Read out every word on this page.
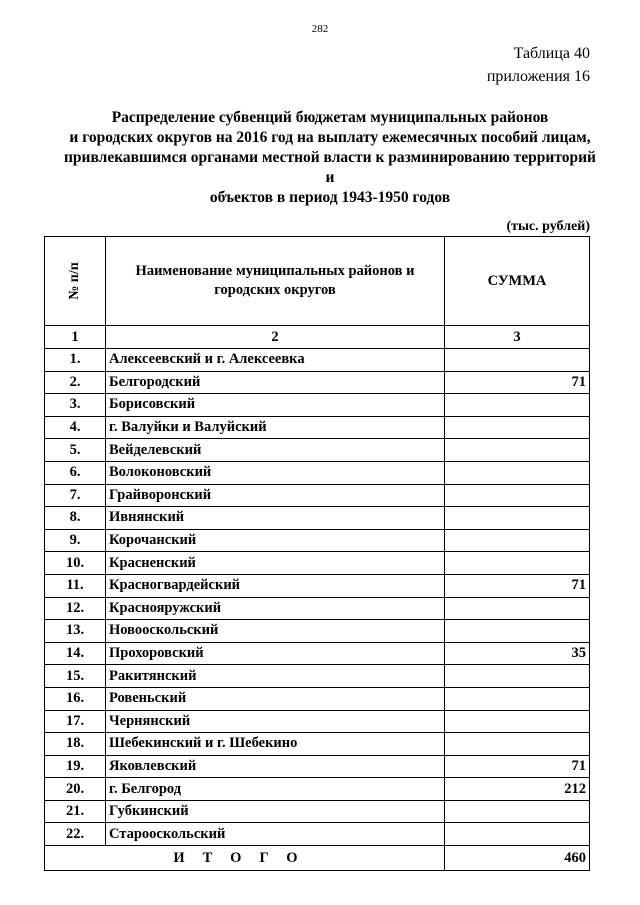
282
Таблица 40
приложения 16
Распределение субвенций бюджетам муниципальных районов
и городских округов на 2016 год на выплату ежемесячных пособий лицам,
привлекавшимся органами местной власти к разминированию территорий и
объектов в период 1943-1950 годов
(тыс. рублей)
№ п/п	Наименование муниципальных районов и городских округов	СУММА
1	2	3
1.	Алексеевский и г. Алексеевка	
2.	Белгородский	71
3.	Борисовский	
4.	г. Валуйки и Валуйский	
5.	Вейделевский	
6.	Волоконовский	
7.	Грайворонский	
8.	Ивнянский	
9.	Корочанский	
10.	Красненский	
11.	Красногвардейский	71
12.	Краснояружский	
13.	Новооскольский	
14.	Прохоровский	35
15.	Ракитянский	
16.	Ровеньский	
17.	Чернянский	
18.	Шебекинский и г. Шебекино	
19.	Яковлевский	71
20.	г. Белгород	212
21.	Губкинский	
22.	Старооскольский	
ИТОГО		460
